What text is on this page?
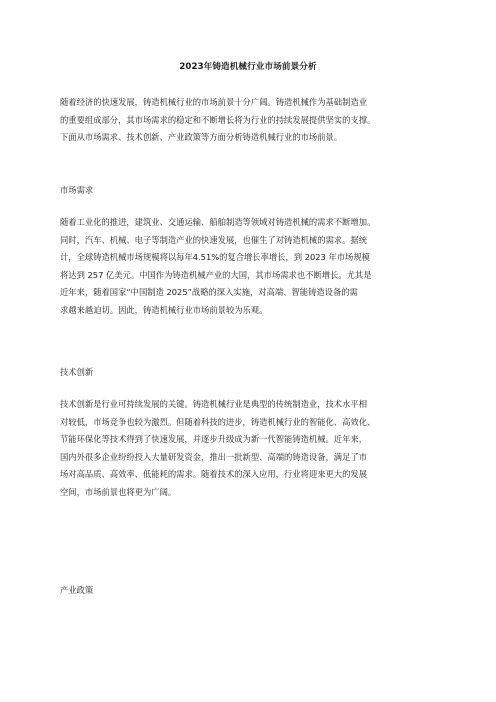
2023年铸造机械行业市场前景分析

随着经济的快速发展，铸造机械行业的市场前景十分广阔。铸造机械作为基础制造业
的重要组成部分，其市场需求的稳定和不断增长将为行业的持续发展提供坚实的支撑。
下面从市场需求、技术创新、产业政策等方面分析铸造机械行业的市场前景。

市场需求

随着工业化的推进，建筑业、交通运输、船舶制造等领域对铸造机械的需求不断增加。
同时，汽车、机械、电子等制造产业的快速发展，也催生了对铸造机械的需求。据统
计，全球铸造机械市场规模将以每年4.51%的复合增长率增长，到 2023 年市场规模
将达到 257 亿美元。中国作为铸造机械产业的大国，其市场需求也不断增长。尤其是
近年来，随着国家“中国制造 2025”战略的深入实施，对高端、智能铸造设备的需
求越来越迫切。因此，铸造机械行业市场前景较为乐观。

技术创新

技术创新是行业可持续发展的关键。铸造机械行业是典型的传统制造业，技术水平相
对较低，市场竞争也较为激烈。但随着科技的进步，铸造机械行业的智能化、高效化、
节能环保化等技术得到了快速发展，并逐步升级成为新一代智能铸造机械。近年来，
国内外很多企业纷纷投入大量研发资金，推出一批新型、高端的铸造设备，满足了市
场对高品质、高效率、低能耗的需求。随着技术的深入应用，行业将迎来更大的发展
空间，市场前景也将更为广阔。

产业政策
